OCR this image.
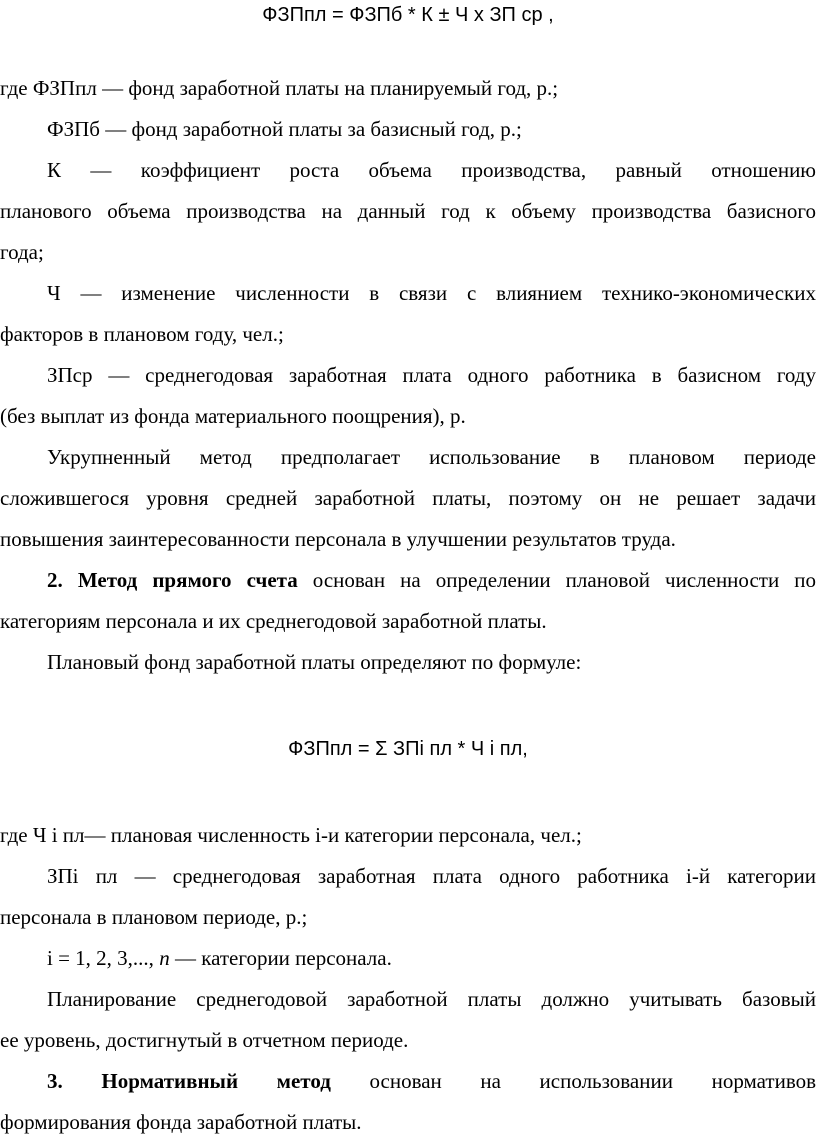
ФЗПпл = ФЗПб * К ± Ч х ЗП ср ,
где ФЗПпл — фонд заработной платы на планируемый год, р.;
ФЗПб — фонд заработной платы за базисный год, р.;
К — коэффициент роста объема производства, равный отношению
планового объема производства на данный год к объему производства базисного
года;
Ч — изменение численности в связи с влиянием технико-экономических
факторов в плановом году, чел.;
ЗПср — среднегодовая заработная плата одного работника в базисном году
(без выплат из фонда материального поощрения), р.
Укрупненный метод предполагает использование в плановом периоде
сложившегося уровня средней заработной платы, поэтому он не решает задачи
повышения заинтересованности персонала в улучшении результатов труда.
2. Метод прямого счета основан на определении плановой численности по
категориям персонала и их среднегодовой заработной платы.
Плановый фонд заработной платы определяют по формуле:
ФЗПпл = Σ ЗПi пл * Ч i пл,
где Ч i пл— плановая численность i-и категории персонала, чел.;
ЗПi пл — среднегодовая заработная плата одного работника i-й категории
персонала в плановом периоде, р.;
i = 1, 2, 3,..., n — категории персонала.
Планирование среднегодовой заработной платы должно учитывать базовый
ее уровень, достигнутый в отчетном периоде.
3. Нормативный метод основан на использовании нормативов
формирования фонда заработной платы.
